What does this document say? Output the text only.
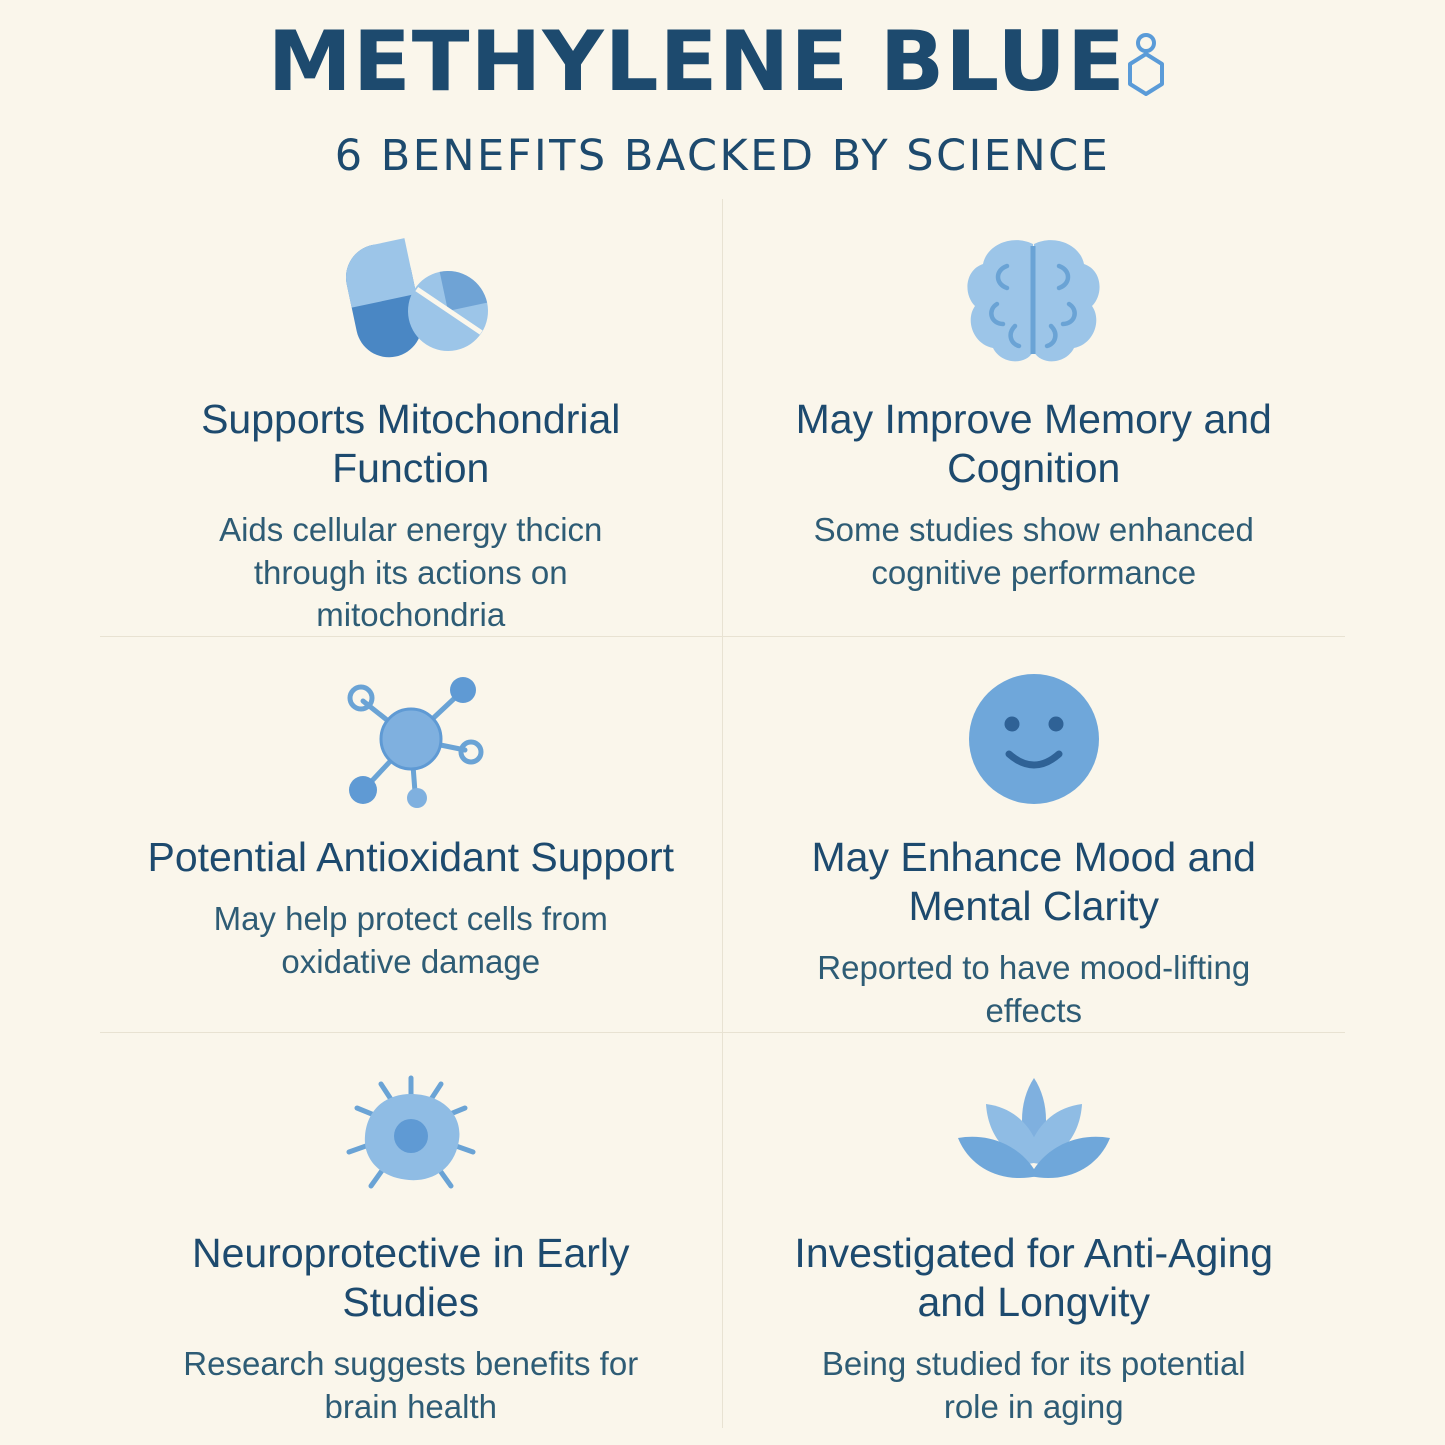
METHYLENE BLUE
6 BENEFITS BACKED BY SCIENCE
Supports Mitochondrial Function
Aids cellular energy thcicn through its actions on mitochondria
May Improve Memory and Cognition
Some studies show enhanced cognitive performance
Potential Antioxidant Support
May help protect cells from oxidative damage
May Enhance Mood and Mental Clarity
Reported to have mood-lifting effects
Neuroprotective in Early Studies
Research suggests benefits for brain health
Investigated for Anti-Aging and Longvity
Being studied for its potential role in aging
